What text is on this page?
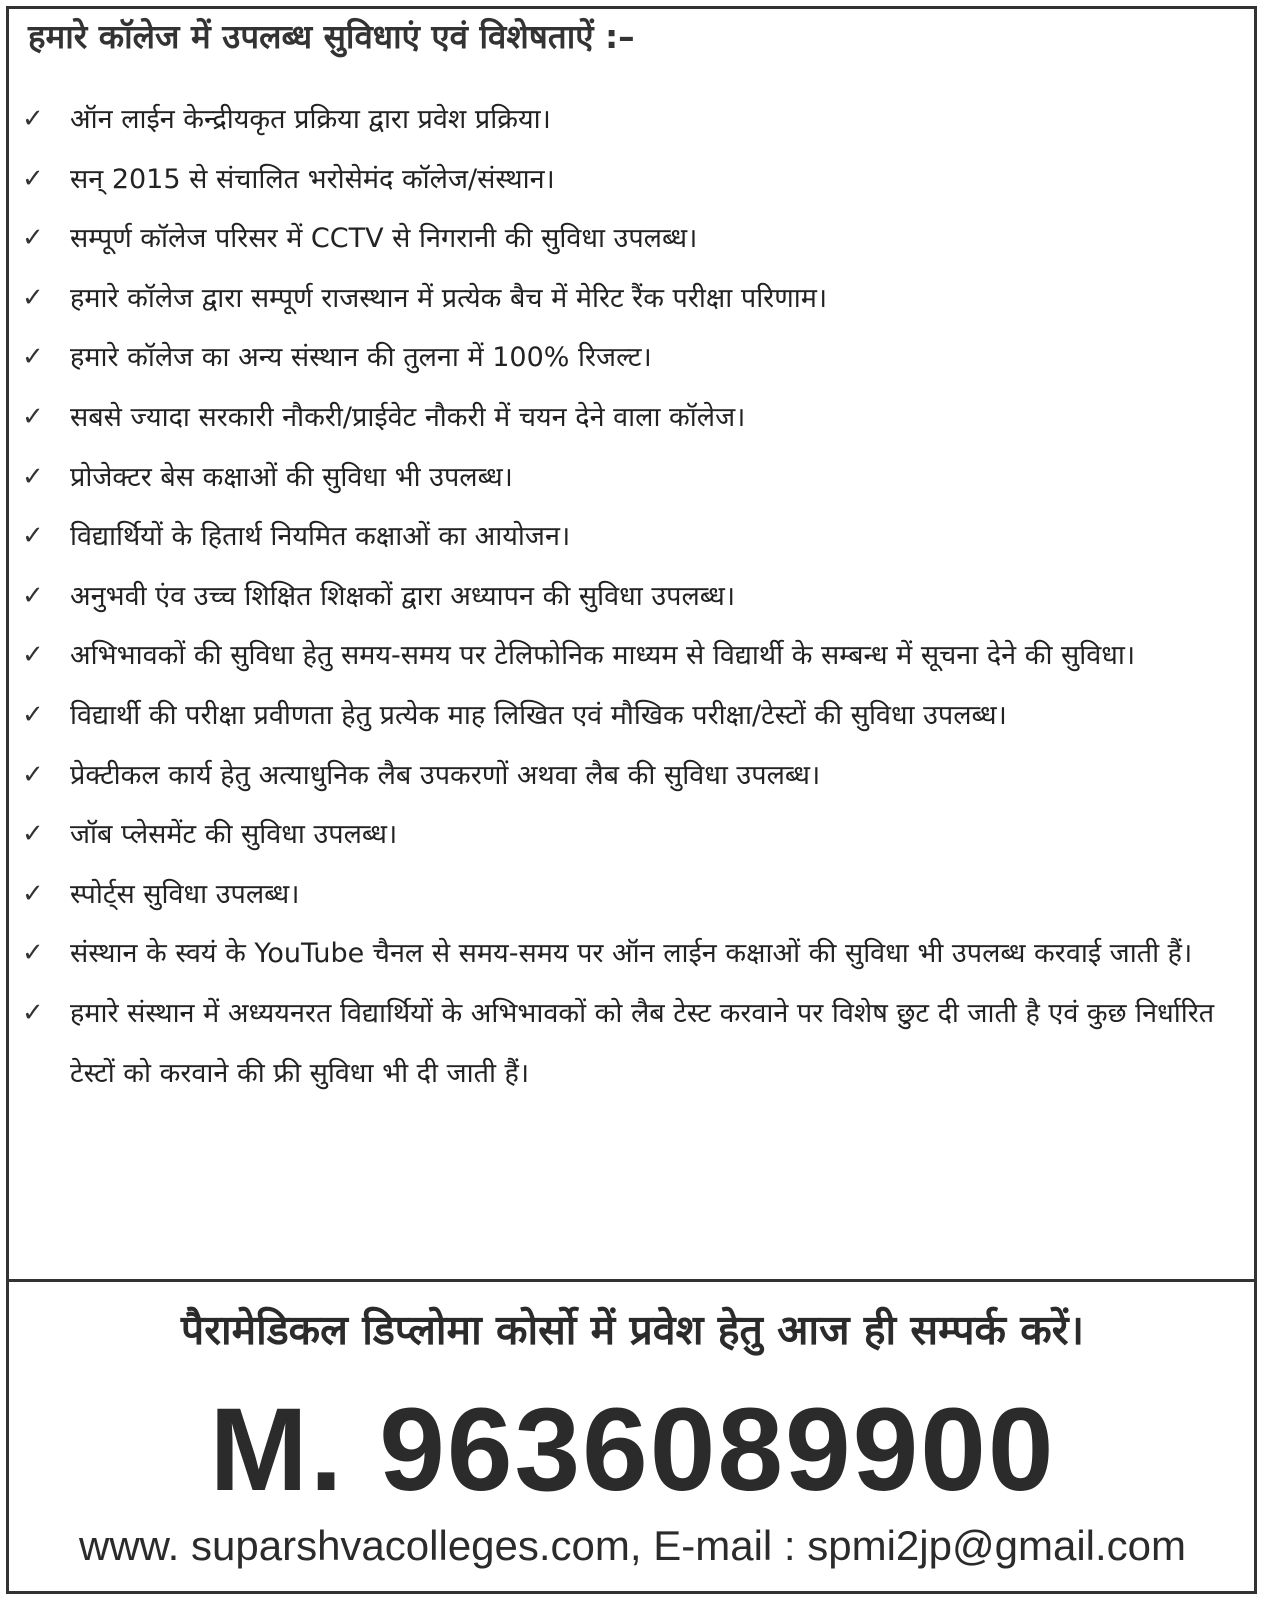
हमारे कॉलेज में उपलब्ध सुविधाएं एवं विशेषताऐं :–
✓ ऑन लाईन केन्द्रीयकृत प्रक्रिया द्वारा प्रवेश प्रक्रिया।
✓ सन् 2015 से संचालित भरोसेमंद कॉलेज/संस्थान।
✓ सम्पूर्ण कॉलेज परिसर में CCTV से निगरानी की सुविधा उपलब्ध।
✓ हमारे कॉलेज द्वारा सम्पूर्ण राजस्थान में प्रत्येक बैच में मेरिट रैंक परीक्षा परिणाम।
✓ हमारे कॉलेज का अन्य संस्थान की तुलना में 100% रिजल्ट।
✓ सबसे ज्यादा सरकारी नौकरी/प्राईवेट नौकरी में चयन देने वाला कॉलेज।
✓ प्रोजेक्टर बेस कक्षाओं की सुविधा भी उपलब्ध।
✓ विद्यार्थियों के हितार्थ नियमित कक्षाओं का आयोजन।
✓ अनुभवी एंव उच्च शिक्षित शिक्षकों द्वारा अध्यापन की सुविधा उपलब्ध।
✓ अभिभावकों की सुविधा हेतु समय-समय पर टेलिफोनिक माध्यम से विद्यार्थी के सम्बन्ध में सूचना देने की सुविधा।
✓ विद्यार्थी की परीक्षा प्रवीणता हेतु प्रत्येक माह लिखित एवं मौखिक परीक्षा/टेस्टों की सुविधा उपलब्ध।
✓ प्रेक्टीकल कार्य हेतु अत्याधुनिक लैब उपकरणों अथवा लैब की सुविधा उपलब्ध।
✓ जॉब प्लेसमेंट की सुविधा उपलब्ध।
✓ स्पोर्ट्स सुविधा उपलब्ध।
✓ संस्थान के स्वयं के YouTube चैनल से समय-समय पर ऑन लाईन कक्षाओं की सुविधा भी उपलब्ध करवाई जाती हैं।
✓ हमारे संस्थान में अध्ययनरत विद्यार्थियों के अभिभावकों को लैब टेस्ट करवाने पर विशेष छुट दी जाती है एवं कुछ निर्धारित टेस्टों को करवाने की फ्री सुविधा भी दी जाती हैं।
पैरामेडिकल डिप्लोमा कोर्सो में प्रवेश हेतु आज ही सम्पर्क करें।
M. 9636089900
www. suparshvacolleges.com, E-mail : spmi2jp@gmail.com
